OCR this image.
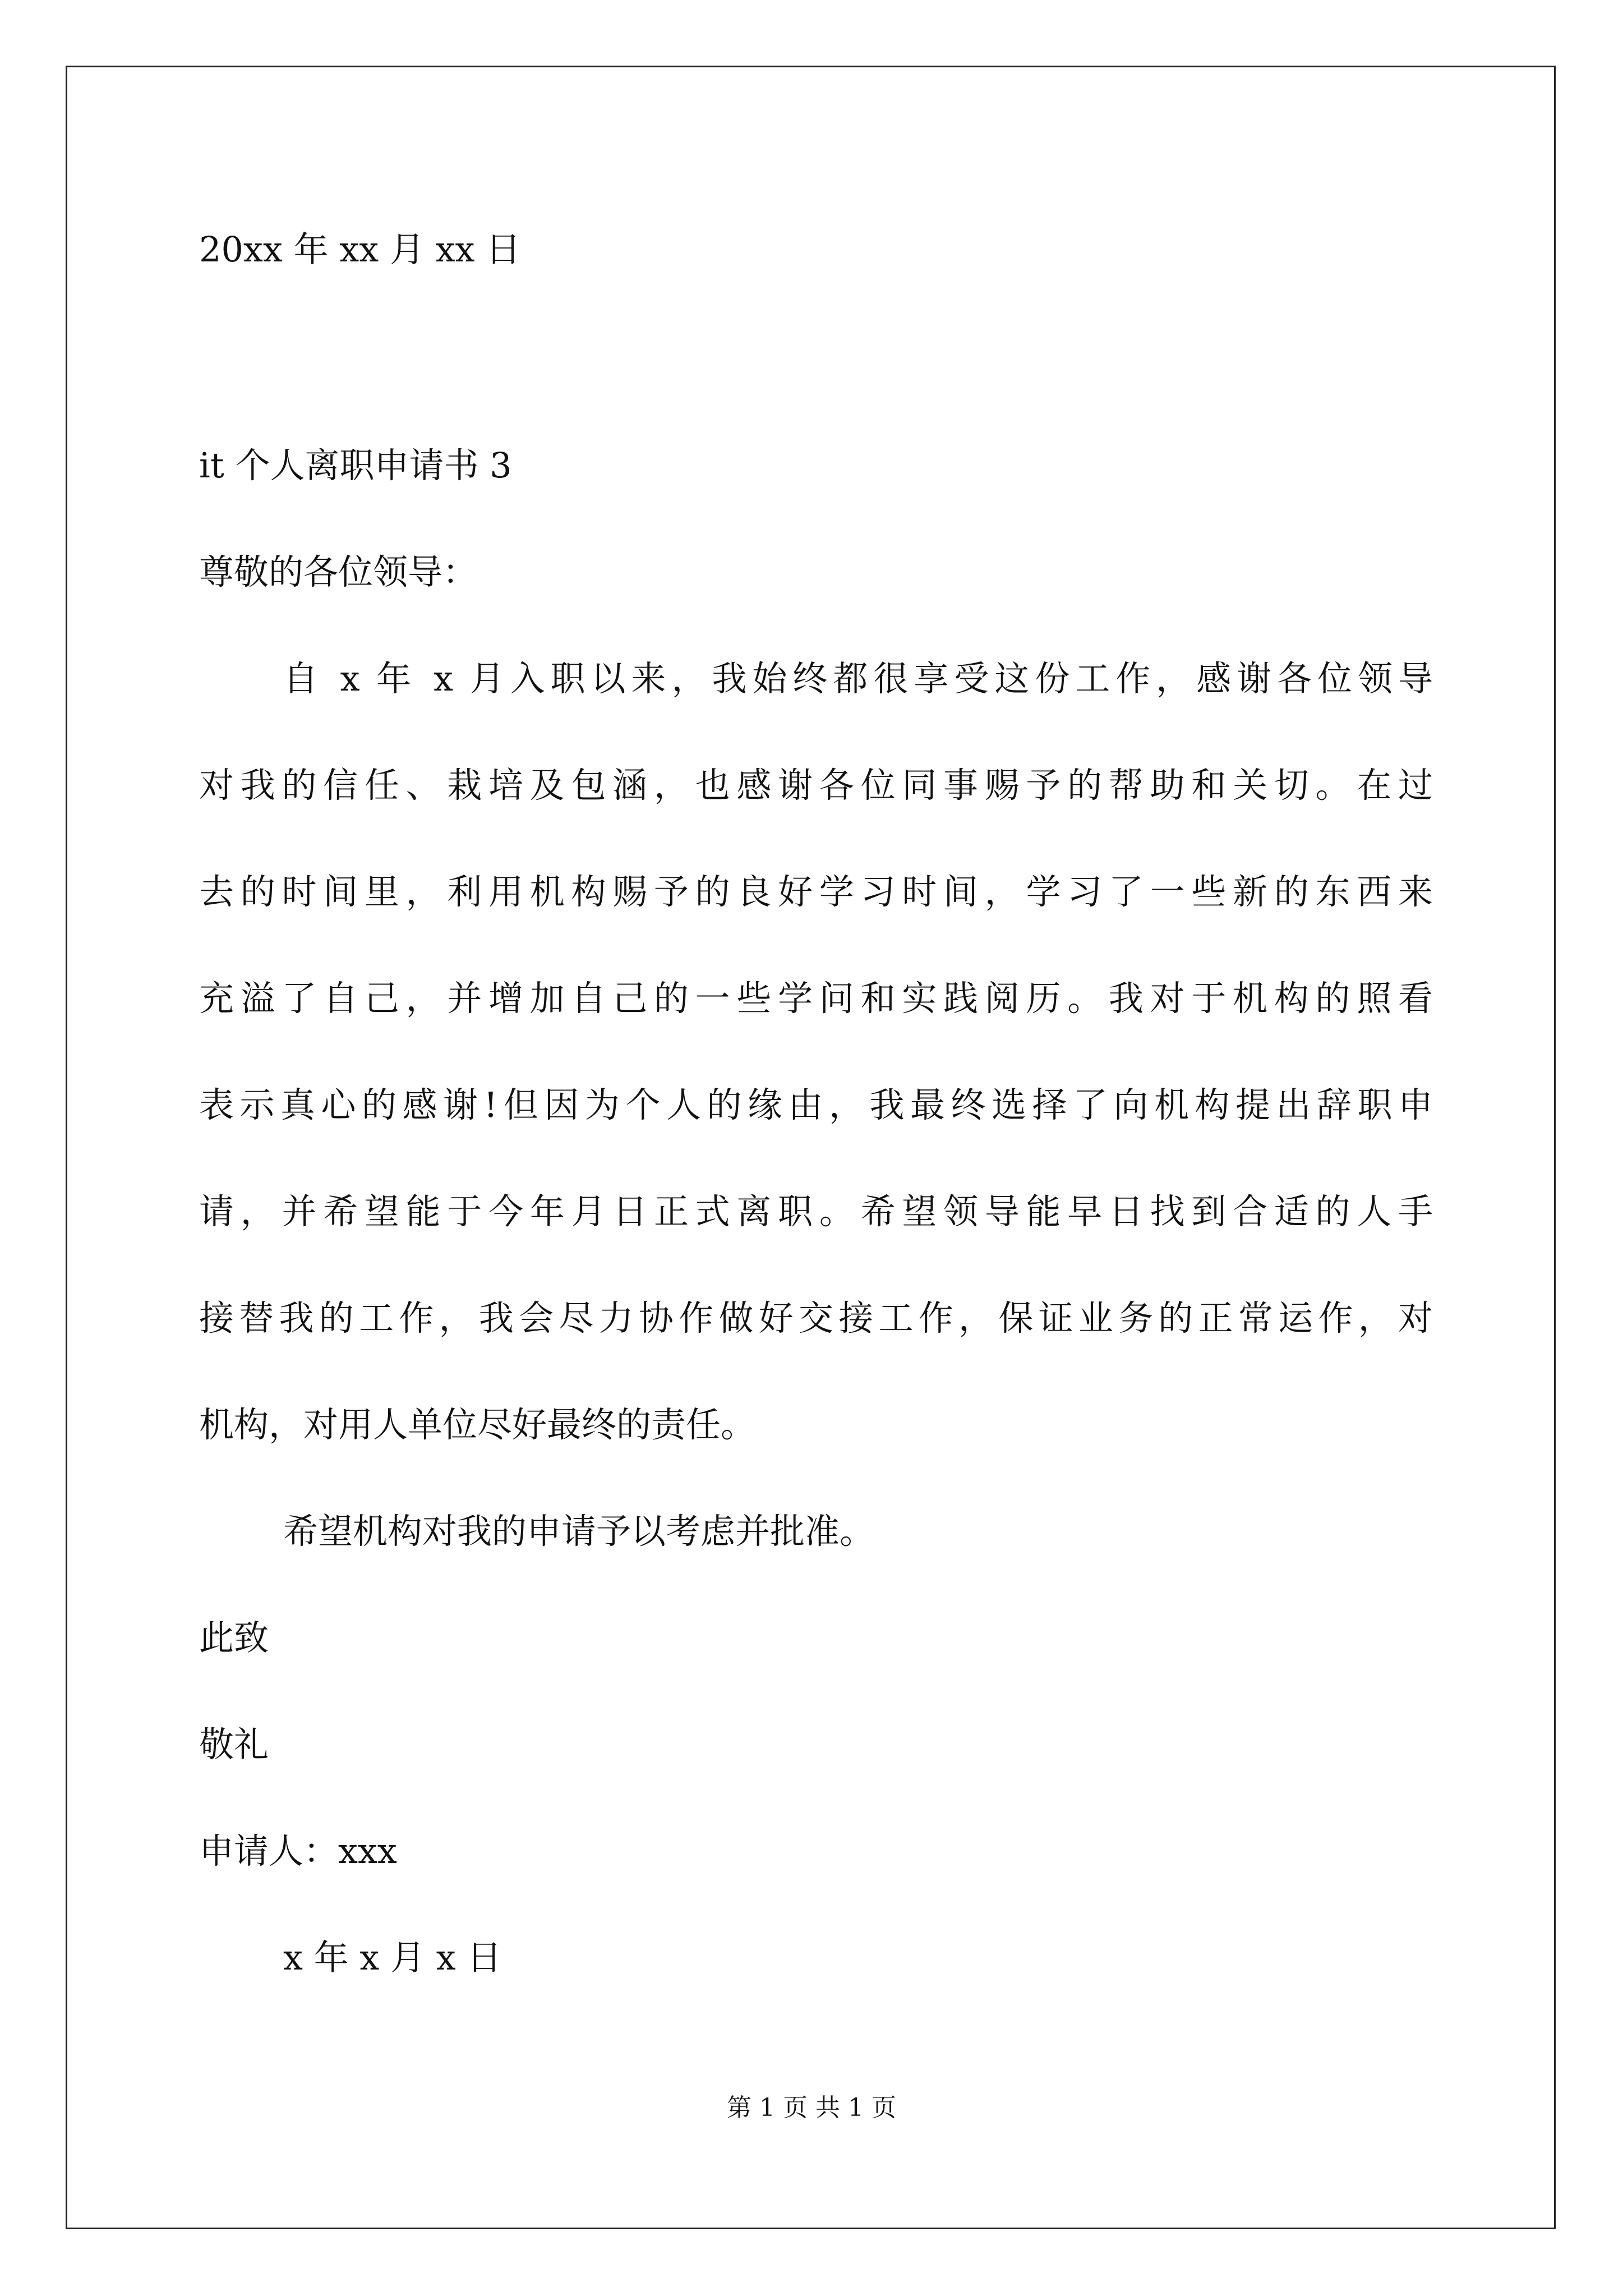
20xx 年 xx 月 xx 日
it 个人离职申请书 3
尊敬的各位领导：
自 x 年 x 月入职以来，我始终都很享受这份工作，感谢各位领导
对我的信任、栽培及包涵，也感谢各位同事赐予的帮助和关切。在过
去的时间里，利用机构赐予的良好学习时间，学习了一些新的东西来
充溢了自己，并增加自己的一些学问和实践阅历。我对于机构的照看
表示真心的感谢!但因为个人的缘由，我最终选择了向机构提出辞职申
请，并希望能于今年月日正式离职。希望领导能早日找到合适的人手
接替我的工作，我会尽力协作做好交接工作，保证业务的正常运作，对
机构，对用人单位尽好最终的责任。
希望机构对我的申请予以考虑并批准。
此致
敬礼
申请人：xxx
x 年 x 月 x 日
第 1 页 共 1 页
